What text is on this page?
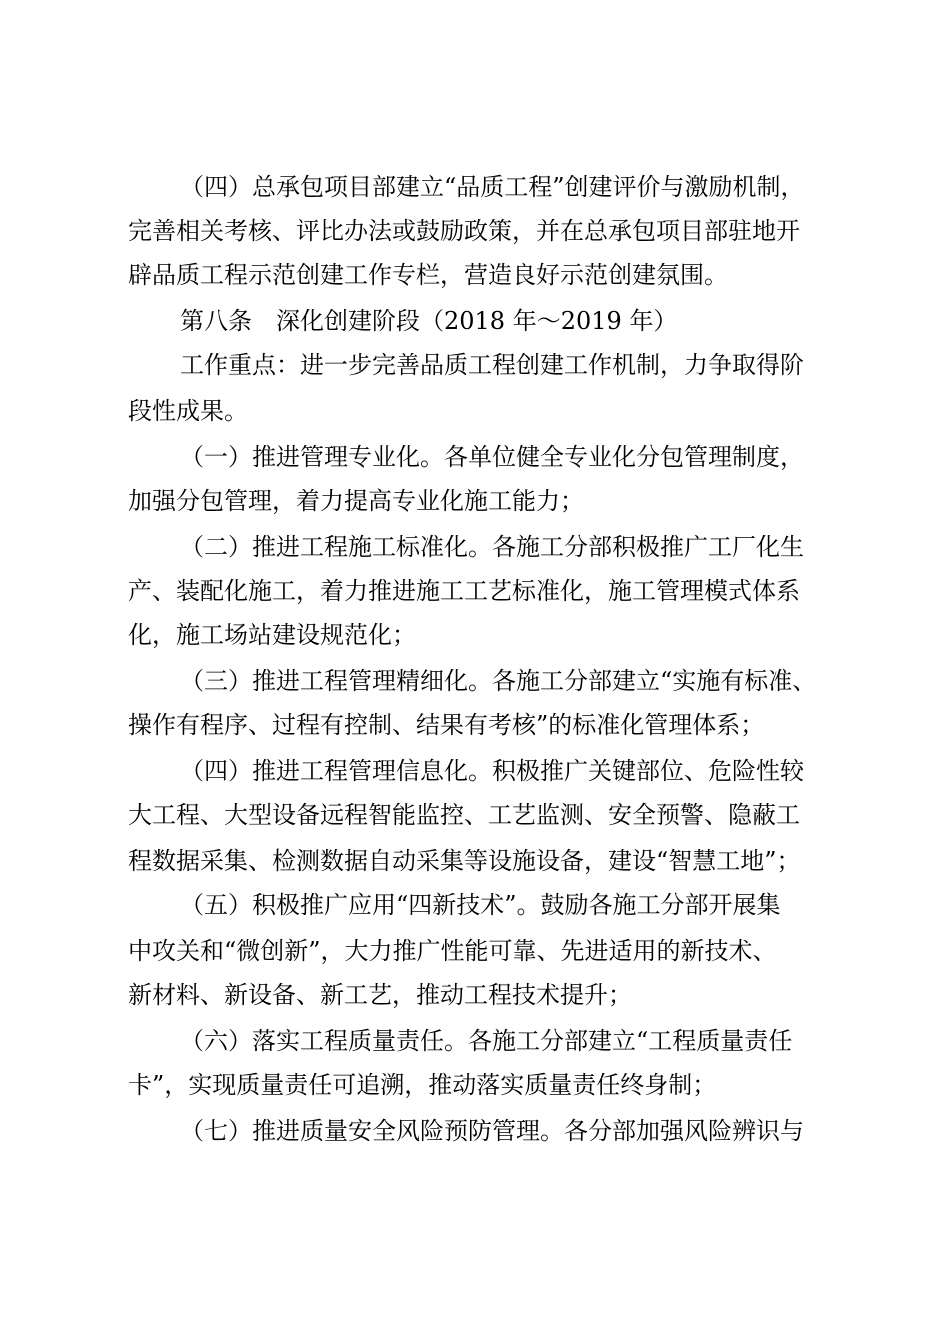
（四）总承包项目部建立“品质工程”创建评价与激励机制，
完善相关考核、评比办法或鼓励政策，并在总承包项目部驻地开
辟品质工程示范创建工作专栏，营造良好示范创建氛围。
第八条　深化创建阶段（2018 年～2019 年）
工作重点：进一步完善品质工程创建工作机制，力争取得阶
段性成果。
（一）推进管理专业化。各单位健全专业化分包管理制度，
加强分包管理，着力提高专业化施工能力；
（二）推进工程施工标准化。各施工分部积极推广工厂化生
产、装配化施工，着力推进施工工艺标准化，施工管理模式体系
化，施工场站建设规范化；
（三）推进工程管理精细化。各施工分部建立“实施有标准、
操作有程序、过程有控制、结果有考核”的标准化管理体系；
（四）推进工程管理信息化。积极推广关键部位、危险性较
大工程、大型设备远程智能监控、工艺监测、安全预警、隐蔽工
程数据采集、检测数据自动采集等设施设备，建设“智慧工地”；
（五）积极推广应用“四新技术”。鼓励各施工分部开展集
中攻关和“微创新”，大力推广性能可靠、先进适用的新技术、
新材料、新设备、新工艺，推动工程技术提升；
（六）落实工程质量责任。各施工分部建立“工程质量责任
卡”，实现质量责任可追溯，推动落实质量责任终身制；
（七）推进质量安全风险预防管理。各分部加强风险辨识与
